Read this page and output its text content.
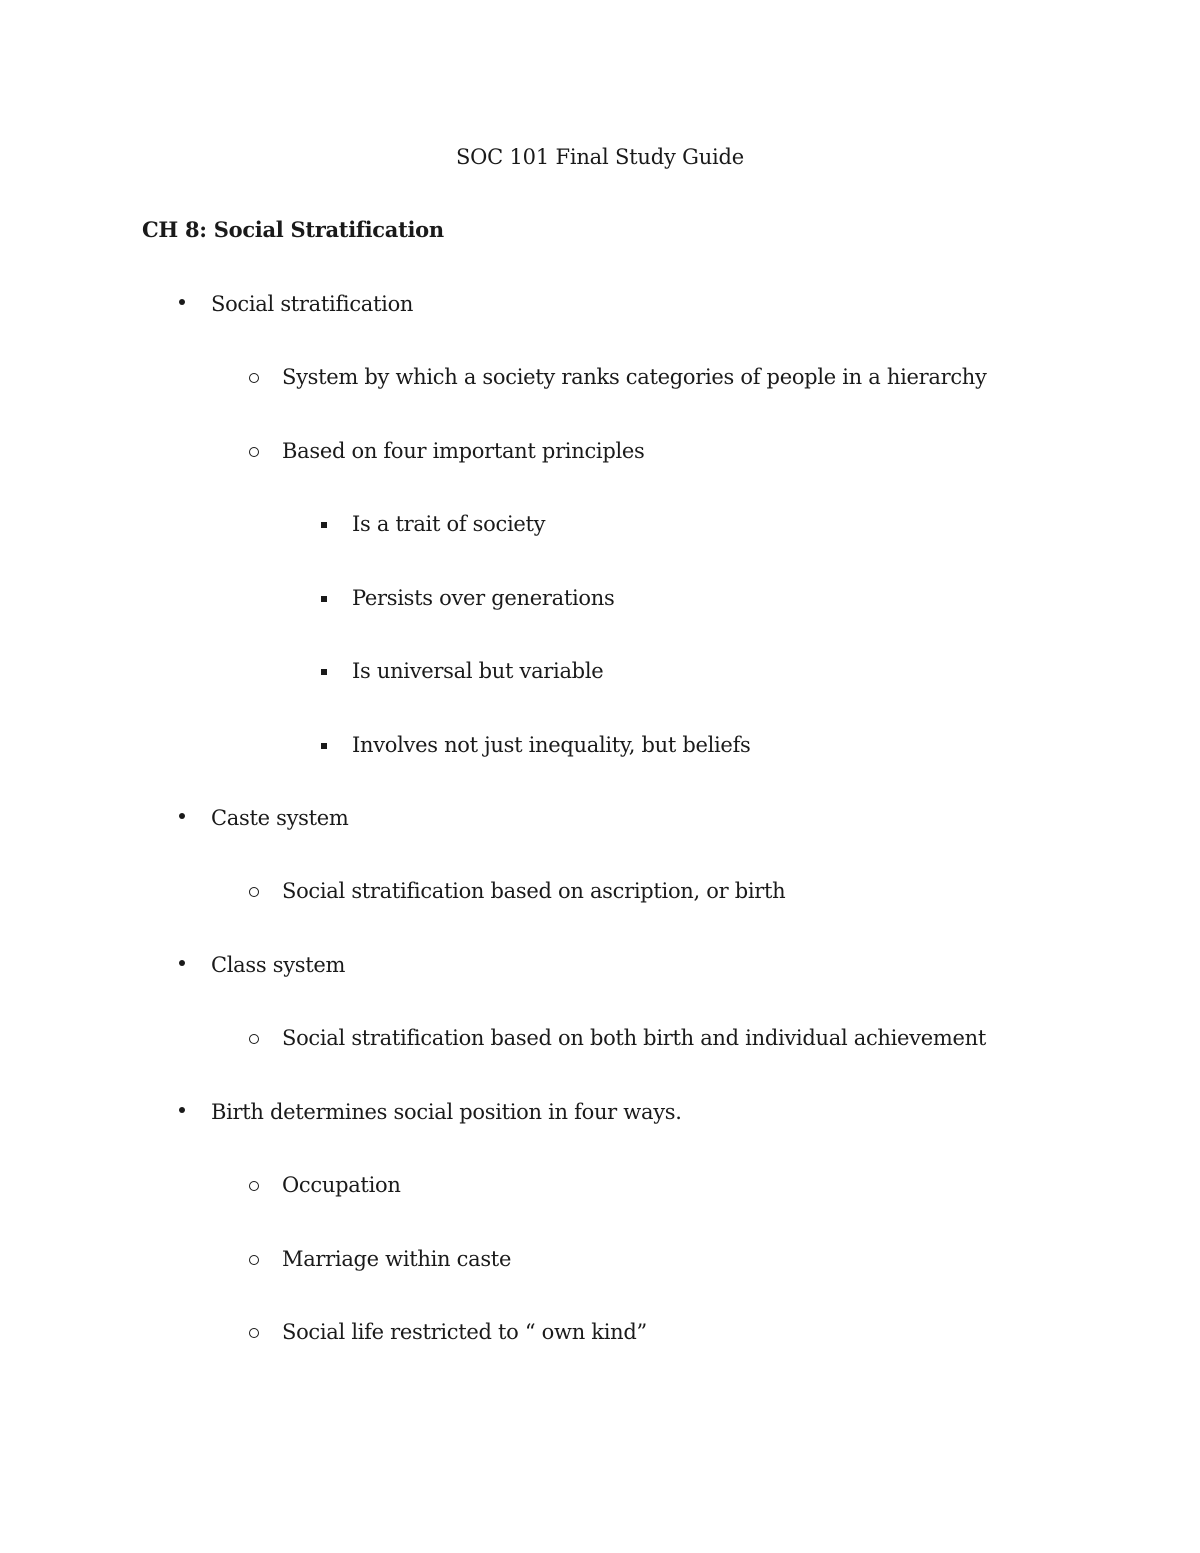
SOC 101 Final Study Guide
CH 8: Social Stratification
Social stratification
System by which a society ranks categories of people in a hierarchy
Based on four important principles
Is a trait of society
Persists over generations
Is universal but variable
Involves not just inequality, but beliefs
Caste system
Social stratification based on ascription, or birth
Class system
Social stratification based on both birth and individual achievement
Birth determines social position in four ways.
Occupation
Marriage within caste
Social life restricted to “ own kind”
